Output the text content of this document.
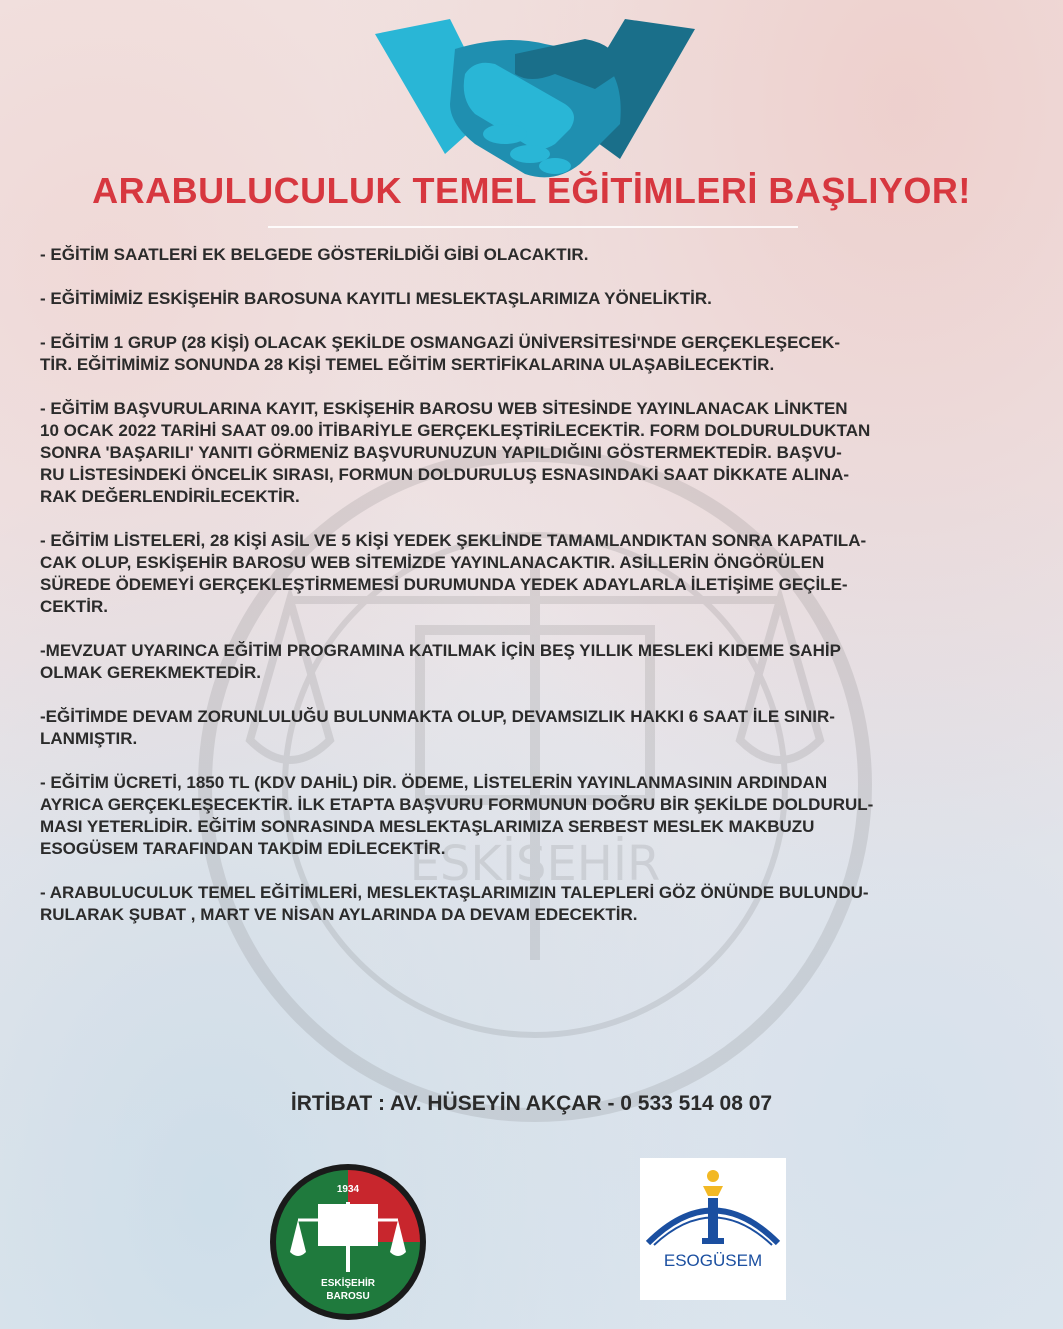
ESKİŞEHİR
ARABULUCULUK TEMEL EĞİTİMLERİ BAŞLIYOR!

- EĞİTİM SAATLERİ EK BELGEDE GÖSTERİLDİĞİ GİBİ OLACAKTIR.

- EĞİTİMİMİZ ESKİŞEHİR BAROSUNA KAYITLI MESLEKTAŞLARIMIZA YÖNELİKTİR.

- EĞİTİM 1 GRUP (28 KİŞİ) OLACAK ŞEKİLDE OSMANGAZİ ÜNİVERSİTESİ'NDE GERÇEKLEŞECEK-
TİR. EĞİTİMİMİZ SONUNDA 28 KİŞİ TEMEL EĞİTİM SERTİFİKALARINA ULAŞABİLECEKTİR.

- EĞİTİM BAŞVURULARINA KAYIT, ESKİŞEHİR BAROSU WEB SİTESİNDE YAYINLANACAK LİNKTEN
10 OCAK 2022 TARİHİ SAAT 09.00 İTİBARİYLE GERÇEKLEŞTİRİLECEKTİR. FORM DOLDURULDUKTAN
SONRA 'BAŞARILI' YANITI GÖRMENİZ BAŞVURUNUZUN YAPILDIĞINI GÖSTERMEKTEDİR. BAŞVU-
RU LİSTESİNDEKİ ÖNCELİK SIRASI, FORMUN DOLDURULUŞ ESNASINDAKİ SAAT DİKKATE ALINA-
RAK DEĞERLENDİRİLECEKTİR.

- EĞİTİM LİSTELERİ, 28 KİŞİ ASİL VE 5 KİŞİ YEDEK ŞEKLİNDE TAMAMLANDIKTAN SONRA KAPATILA-
CAK OLUP, ESKİŞEHİR BAROSU WEB SİTEMİZDE YAYINLANACAKTIR. ASİLLERİN ÖNGÖRÜLEN
SÜREDE ÖDEMEYİ GERÇEKLEŞTİRMEMESİ DURUMUNDA YEDEK ADAYLARLA İLETİŞİME GEÇİLE-
CEKTİR.

-MEVZUAT UYARINCA EĞİTİM PROGRAMINA KATILMAK İÇİN BEŞ YILLIK MESLEKİ KIDEME SAHİP
OLMAK GEREKMEKTEDİR.

-EĞİTİMDE DEVAM ZORUNLULUĞU BULUNMAKTA OLUP, DEVAMSIZLIK HAKKI 6 SAAT İLE SINIR-
LANMIŞTIR.

- EĞİTİM ÜCRETİ, 1850 TL (KDV DAHİL) DİR. ÖDEME, LİSTELERİN YAYINLANMASININ ARDINDAN
AYRICA GERÇEKLEŞECEKTİR. İLK ETAPTA BAŞVURU FORMUNUN DOĞRU BİR ŞEKİLDE DOLDURUL-
MASI YETERLİDİR. EĞİTİM SONRASINDA MESLEKTAŞLARIMIZA SERBEST MESLEK MAKBUZU
ESOGÜSEM TARAFINDAN TAKDİM EDİLECEKTİR.

- ARABULUCULUK TEMEL EĞİTİMLERİ, MESLEKTAŞLARIMIZIN TALEPLERİ GÖZ ÖNÜNDE BULUNDU-
RULARAK ŞUBAT , MART VE NİSAN AYLARINDA DA DEVAM EDECEKTİR.

İRTİBAT : AV. HÜSEYİN AKÇAR - 0 533 514 08 07
1934
ESKİŞEHİR
BAROSU
ESOGÜSEM
